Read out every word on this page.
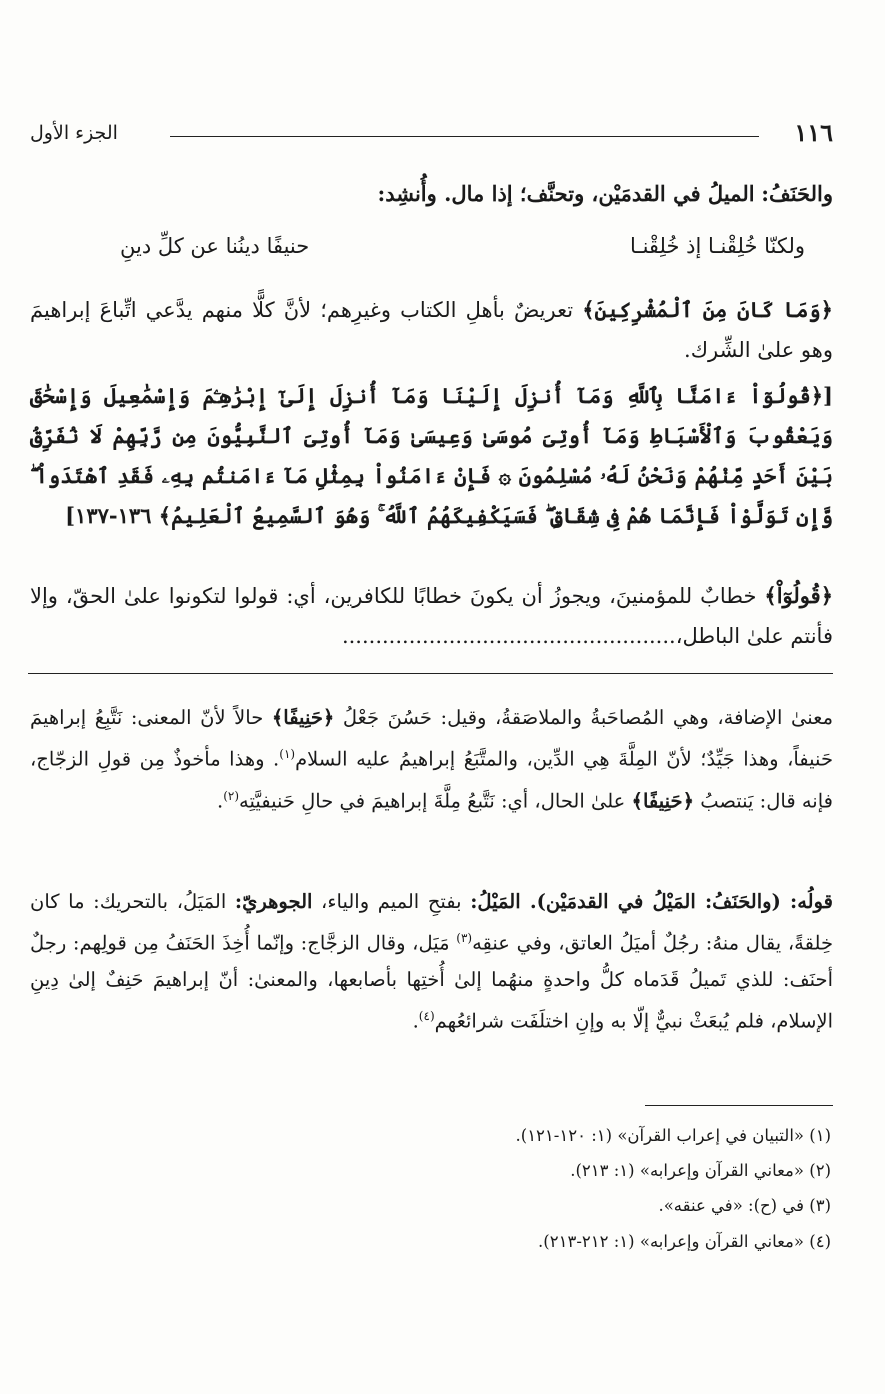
١١٦
الجزء الأول
والحَنَفُ: الميلُ في القدمَيْن، وتحنَّف؛ إذا مال. وأُنشِد:
ولكنّا خُلِقْنـا إذ خُلِقْنـا
حنيفًا دينُنا عن كلِّ دينِ
﴿وَمَا كَانَ مِنَ ٱلْمُشْرِكِينَ﴾ تعريضٌ بأهلِ الكتاب وغيرِهم؛ لأنَّ كلًّا منهم يدَّعي اتِّباعَ إبراهيمَ وهو علىٰ الشِّرك.
[﴿قُولُوٓاْ ءَامَنَّا بِٱللَّهِ وَمَآ أُنزِلَ إِلَيْنَا وَمَآ أُنزِلَ إِلَىٰٓ إِبْرَٰهِـۧمَ وَإِسْمَٰعِيلَ وَإِسْحَٰقَ وَيَعْقُوبَ وَٱلْأَسْبَاطِ وَمَآ أُوتِىَ مُوسَىٰ وَعِيسَىٰ وَمَآ أُوتِىَ ٱلنَّبِيُّونَ مِن رَّبِّهِمْ لَا نُفَرِّقُ بَيْنَ أَحَدٍ مِّنْهُمْ وَنَحْنُ لَهُۥ مُسْلِمُونَ ۞ فَإِنْ ءَامَنُواْ بِمِثْلِ مَآ ءَامَنتُم بِهِۦ فَقَدِ ٱهْتَدَواْ ۖ وَّإِن تَوَلَّوْاْ فَإِنَّمَا هُمْ فِى شِقَاقٍ ۖ فَسَيَكْفِيكَهُمُ ٱللَّهُ ۚ وَهُوَ ٱلسَّمِيعُ ٱلْعَلِيمُ﴾ ١٣٦-١٣٧]
﴿قُولُوٓاْ﴾ خطابٌ للمؤمنينَ، ويجوزُ أن يكونَ خطابًا للكافرين، أي: قولوا لتكونوا علىٰ الحقّ، وإلا فأنتم علىٰ الباطل،..................................................
معنىٰ الإضافة، وهي المُصاحَبةُ والملاصَقةُ، وقيل: حَسُنَ جَعْلُ ﴿حَنِيفًا﴾ حالاً لأنّ المعنى: نَتَّبِعُ إبراهيمَ حَنيفاً، وهذا جَيِّدٌ؛ لأنّ المِلَّةَ هِي الدِّين، والمتَّبَعُ إبراهيمُ عليه السلام$^{(١)}$. وهذا مأخوذٌ مِن قولِ الزجّاج، فإنه قال: يَنتصبُ ﴿حَنِيفًا﴾ علىٰ الحال، أي: نَتَّبعُ مِلَّةَ إبراهيمَ في حالِ حَنيفيَّتِه$^{(٢)}$.
قولُه: (والحَنَفُ: المَيْلُ في القدمَيْن). المَيْلُ: بفتحِ الميم والياء، الجوهريّ: المَيَلُ، بالتحريك: ما كان خِلقةً، يقال منهُ: رجُلٌ أميَلُ العاتق، وفي عنقِه$^{(٣)}$ مَيَل، وقال الزجَّاج: وإنّما أُخِذَ الحَنَفُ مِن قولِهم: رجلٌ أحنَف: للذي تَميلُ قَدَماه كلُّ واحدةٍ منهُما إلىٰ أُختِها بأصابعها، والمعنىٰ: أنّ إبراهيمَ حَنِفٌ إلىٰ دِينِ الإسلام، فلم يُبعَثْ نبيٌّ إلّا به وإنِ اختلَفَت شرائعُهم$^{(٤)}$.
(١) «التبيان في إعراب القرآن» (١: ١٢٠-١٢١).
(٢) «معاني القرآن وإعرابه» (١: ٢١٣).
(٣) في (ح): «في عنقه».
(٤) «معاني القرآن وإعرابه» (١: ٢١٢-٢١٣).
